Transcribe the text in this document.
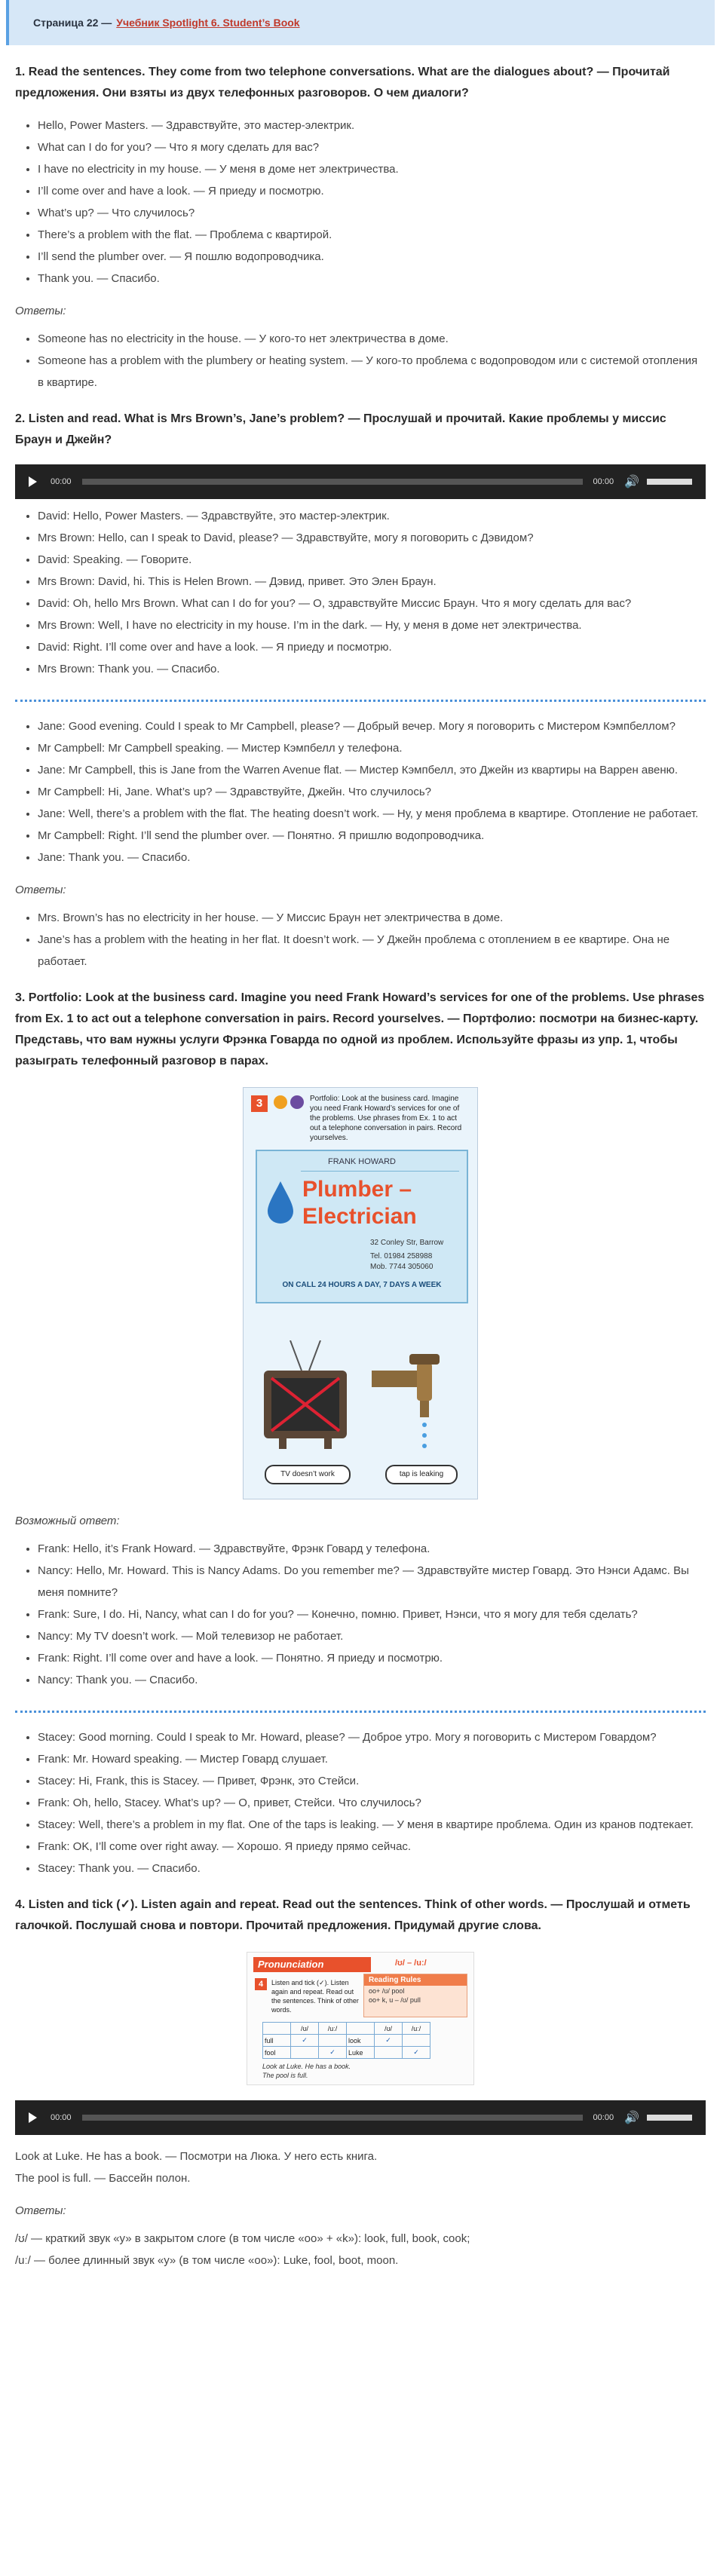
Страница 22 — Учебник Spotlight 6. Student’s Book
1. Read the sentences. They come from two telephone conversations. What are the dialogues about? — Прочитай предложения. Они взяты из двух телефонных разговоров. О чем диалоги?
• Hello, Power Masters. — Здравствуйте, это мастер-электрик.
• What can I do for you? — Что я могу сделать для вас?
• I have no electricity in my house. — У меня в доме нет электричества.
• I’ll come over and have a look. — Я приеду и посмотрю.
• What’s up? — Что случилось?
• There’s a problem with the flat. — Проблема с квартирой.
• I’ll send the plumber over. — Я пошлю водопроводчика.
• Thank you. — Спасибо.
Ответы:
• Someone has no electricity in the house. — У кого-то нет электричества в доме.
• Someone has a problem with the plumbery or heating system. — У кого-то проблема с водопроводом или с системой отопления в квартире.
2. Listen and read. What is Mrs Brown’s, Jane’s problem? — Прослушай и прочитай. Какие проблемы у миссис Браун и Джейн?
00:00	00:00 🔊
• David: Hello, Power Masters. — Здравствуйте, это мастер-электрик.
• Mrs Brown: Hello, can I speak to David, please? — Здравствуйте, могу я поговорить с Дэвидом?
• David: Speaking. — Говорите.
• Mrs Brown: David, hi. This is Helen Brown. — Дэвид, привет. Это Элен Браун.
• David: Oh, hello Mrs Brown. What can I do for you? — О, здравствуйте Миссис Браун. Что я могу сделать для вас?
• Mrs Brown: Well, I have no electricity in my house. I’m in the dark. — Ну, у меня в доме нет электричества.
• David: Right. I’ll come over and have a look. — Я приеду и посмотрю.
• Mrs Brown: Thank you. — Спасибо.
• Jane: Good evening. Could I speak to Mr Campbell, please? — Добрый вечер. Могу я поговорить с Мистером Кэмпбеллом?
• Mr Campbell: Mr Campbell speaking. — Мистер Кэмпбелл у телефона.
• Jane: Mr Campbell, this is Jane from the Warren Avenue flat. — Мистер Кэмпбелл, это Джейн из квартиры на Варрен авеню.
• Mr Campbell: Hi, Jane. What’s up? — Здравствуйте, Джейн. Что случилось?
• Jane: Well, there’s a problem with the flat. The heating doesn’t work. — Ну, у меня проблема в квартире. Отопление не работает.
• Mr Campbell: Right. I’ll send the plumber over. — Понятно. Я пришлю водопроводчика.
• Jane: Thank you. — Спасибо.
Ответы:
• Mrs. Brown’s has no electricity in her house. — У Миссис Браун нет электричества в доме.
• Jane’s has a problem with the heating in her flat. It doesn’t work. — У Джейн проблема с отоплением в ее квартире. Она не работает.
3. Portfolio: Look at the business card. Imagine you need Frank Howard’s services for one of the problems. Use phrases from Ex. 1 to act out a telephone conversation in pairs. Record yourselves. — Портфолио: посмотри на бизнес-карту. Представь, что вам нужны услуги Фрэнка Говарда по одной из проблем. Используйте фразы из упр. 1, чтобы разыграть телефонный разговор в парах.
3	Portfolio: Look at the business card. Imagine you need Frank Howard’s services for one of the problems. Use phrases from Ex. 1 to act out a telephone conversation in pairs. Record yourselves.
FRANK HOWARD
Plumber –
Electrician
32 Conley Str, Barrow
Tel. 01984 258988
Mob. 7744 305060
ON CALL 24 HOURS A DAY, 7 DAYS A WEEK
TV doesn’t work	tap is leaking
Возможный ответ:
• Frank: Hello, it’s Frank Howard. — Здравствуйте, Фрэнк Говард у телефона.
• Nancy: Hello, Mr. Howard. This is Nancy Adams. Do you remember me? — Здравствуйте мистер Говард. Это Нэнси Адамс. Вы меня помните?
• Frank: Sure, I do. Hi, Nancy, what can I do for you? — Конечно, помню. Привет, Нэнси, что я могу для тебя сделать?
• Nancy: My TV doesn’t work. — Мой телевизор не работает.
• Frank: Right. I’ll come over and have a look. — Понятно. Я приеду и посмотрю.
• Nancy: Thank you. — Спасибо.
• Stacey: Good morning. Could I speak to Mr. Howard, please? — Доброе утро. Могу я поговорить с Мистером Говардом?
• Frank: Mr. Howard speaking. — Мистер Говард слушает.
• Stacey: Hi, Frank, this is Stacey. — Привет, Фрэнк, это Стейси.
• Frank: Oh, hello, Stacey. What’s up? — О, привет, Стейси. Что случилось?
• Stacey: Well, there’s a problem in my flat. One of the taps is leaking. — У меня в квартире проблема. Один из кранов подтекает.
• Frank: OK, I’ll come over right away. — Хорошо. Я приеду прямо сейчас.
• Stacey: Thank you. — Спасибо.
4. Listen and tick (✓). Listen again and repeat. Read out the sentences. Think of other words. — Прослушай и отметь галочкой. Послушай снова и повтори. Прочитай предложения. Придумай другие слова.
Pronunciation	/ʊ/ – /uː/
Reading Rules
oo+ /ʊ/ pool
oo+ k, u – /ʊ/ pull
4	Listen and tick (✓). Listen again and repeat. Read out the sentences. Think of other words.
	/ʊ/	/uː/		/ʊ/	/uː/
full	✓		look	✓	
fool		✓	Luke		✓
Look at Luke. He has a book.
The pool is full.
00:00	00:00 🔊

Look at Luke. He has a book. — Посмотри на Люка. У него есть книга.

The pool is full. — Бассейн полон.

Ответы:

/ʊ/ — краткий звук «у» в закрытом слоге (в том числе «оо» + «k»): look, full, book, cook;

/uː/ — более длинный звук «у» (в том числе «оо»): Luke, fool, boot, moon.
